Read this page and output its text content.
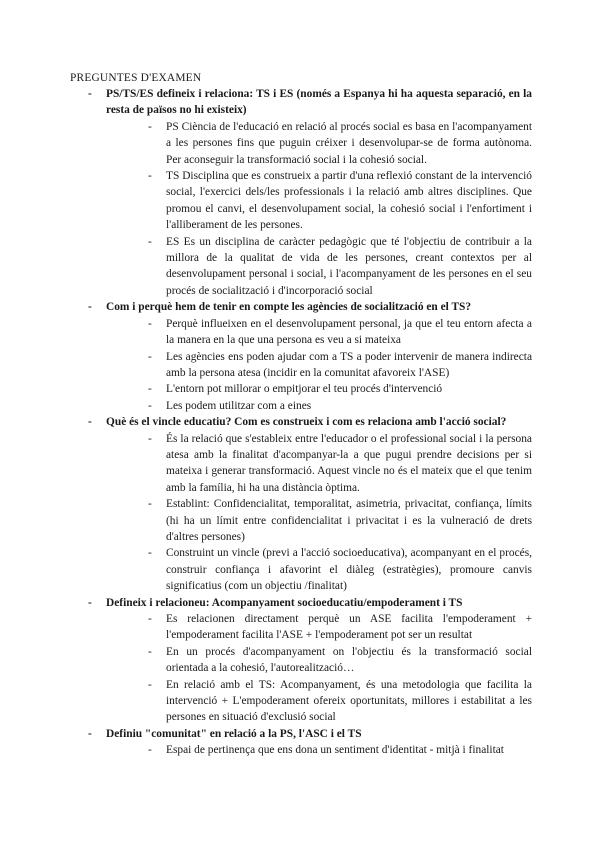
PREGUNTES D'EXAMEN
-	PS/TS/ES defineix i relaciona: TS i ES (només a Espanya hi ha aquesta separació, en la resta de països no hi existeix)
- PS Ciència de l'educació en relació al procés social es basa en l'acompanyament a les persones fins que puguin créixer i desenvolupar-se de forma autònoma. Per aconseguir la transformació social i la cohesió social.
- TS Disciplina que es construeix a partir d'una reflexió constant de la intervenció social, l'exercici dels/les professionals i la relació amb altres disciplines. Que promou el canvi, el desenvolupament social, la cohesió social i l'enfortiment i l'alliberament de les persones.
- ES Es un disciplina de caràcter pedagògic que té l'objectiu de contribuir a la millora de la qualitat de vida de les persones, creant contextos per al desenvolupament personal i social, i l'acompanyament de les persones en el seu procés de socialització i d'incorporació social
-	Com i perquè hem de tenir en compte les agències de socialització en el TS?
- Perquè influeixen en el desenvolupament personal, ja que el teu entorn afecta a la manera en la que una persona es veu a si mateixa
- Les agències ens poden ajudar com a TS a poder intervenir de manera indirecta amb la persona atesa (incidir en la comunitat afavoreix l'ASE)
- L'entorn pot millorar o empitjorar el teu procés d'intervenció
- Les podem utilitzar com a eines
-	Què és el vincle educatiu? Com es construeix i com es relaciona amb l'acció social?
- És la relació que s'estableix entre l'educador o el professional social i la persona atesa amb la finalitat d'acompanyar-la a que pugui prendre decisions per si mateixa i generar transformació. Aquest vincle no és el mateix que el que tenim amb la família, hi ha una distància òptima.
- Establint: Confidencialitat, temporalitat, asimetria, privacitat, confiança, límits (hi ha un límit entre confidencialitat i privacitat i es la vulneració de drets d'altres persones)
- Construint un vincle (previ a l'acció socioeducativa), acompanyant en el procés, construir confiança i afavorint el diàleg (estratègies), promoure canvis significatius (com un objectiu /finalitat)
-	Defineix i relacioneu: Acompanyament socioeducatiu/empoderament i TS
- Es relacionen directament perquè un ASE facilita l'empoderament + l'empoderament facilita l'ASE + l'empoderament pot ser un resultat
- En un procés d'acompanyament on l'objectiu és la transformació social orientada a la cohesió, l'autorealització…
- En relació amb el TS: Acompanyament, és una metodologia que facilita la intervenció + L'empoderament ofereix oportunitats, millores i estabilitat a les persones en situació d'exclusió social
-	Definiu "comunitat" en relació a la PS, l'ASC i el TS
- Espai de pertinença que ens dona un sentiment d'identitat - mitjà i finalitat
